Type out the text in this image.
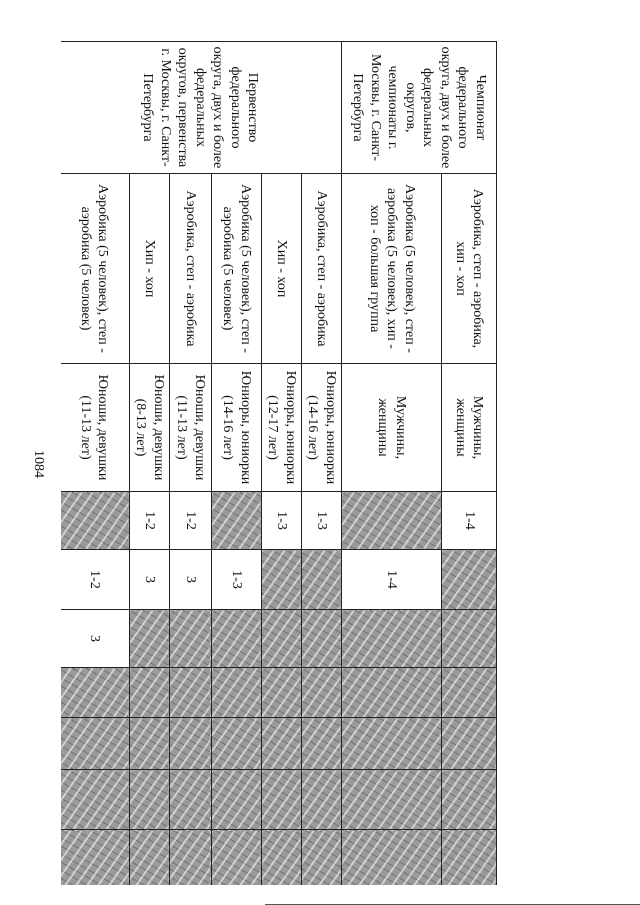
1084
Чемпионат федерального округа, двух и более федеральных округов, чемпионаты г. Москвы, г. Санкт-Петербурга	Аэробика, степ - аэробика, хип - хоп	Мужчины, женщины	1-4							
	Аэробика (5 человек), степ - аэробика (5 человек), хип - хоп - большая группа	Мужчины, женщины		1-4						
Первенство федерального округа, двух и более федеральных округов, первенства г. Москвы, г. Санкт-Петербурга	Аэробика, степ - аэробика	Юниоры, юниорки (14-16 лет)	1-3							
	Хип - хоп	Юниоры, юниорки (12-17 лет)	1-3							
	Аэробика (5 человек), степ - аэробика (5 человек)	Юниоры, юниорки (14-16 лет)		1-3						
	Аэробика, степ - аэробика	Юноши, девушки (11-13 лет)	1-2	3						
	Хип - хоп	Юноши, девушки (8-13 лет)	1-2	3						
	Аэробика (5 человек), степ - аэробика (5 человек)	Юноши, девушки (11-13 лет)		1-2	3					
